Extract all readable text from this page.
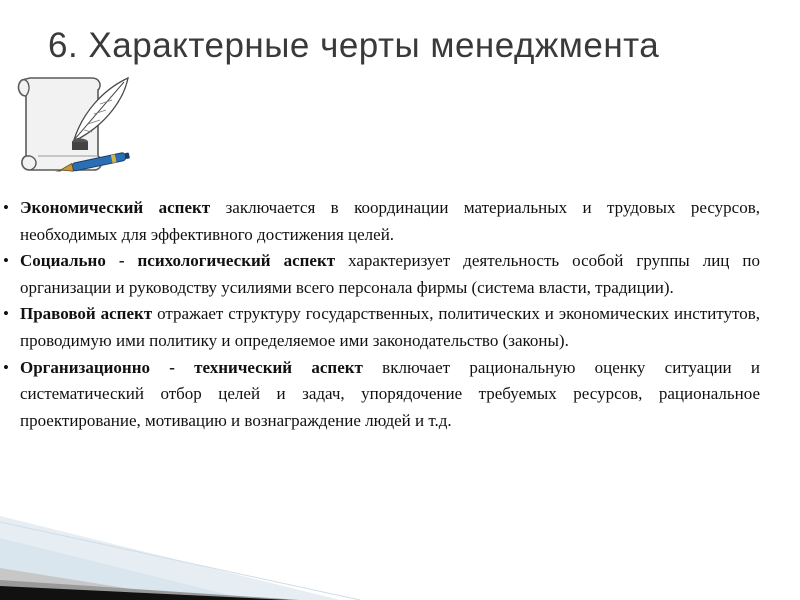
6. Характерные черты менеджмента

• Экономический аспект заключается в координации материальных и трудовых ресурсов, необходимых для эффективного достижения целей.

• Социально - психологический аспект характеризует деятельность особой группы лиц по организации и руководству усилиями всего персонала фирмы (система власти, традиции).

• Правовой аспект отражает структуру государственных, политических и экономических институтов, проводимую ими политику и определяемое ими законодательство (законы).

• Организационно - технический аспект включает рациональную оценку ситуации и систематический отбор целей и задач, упорядочение требуемых ресурсов, рациональное проектирование, мотивацию и вознаграждение людей и т.д.
